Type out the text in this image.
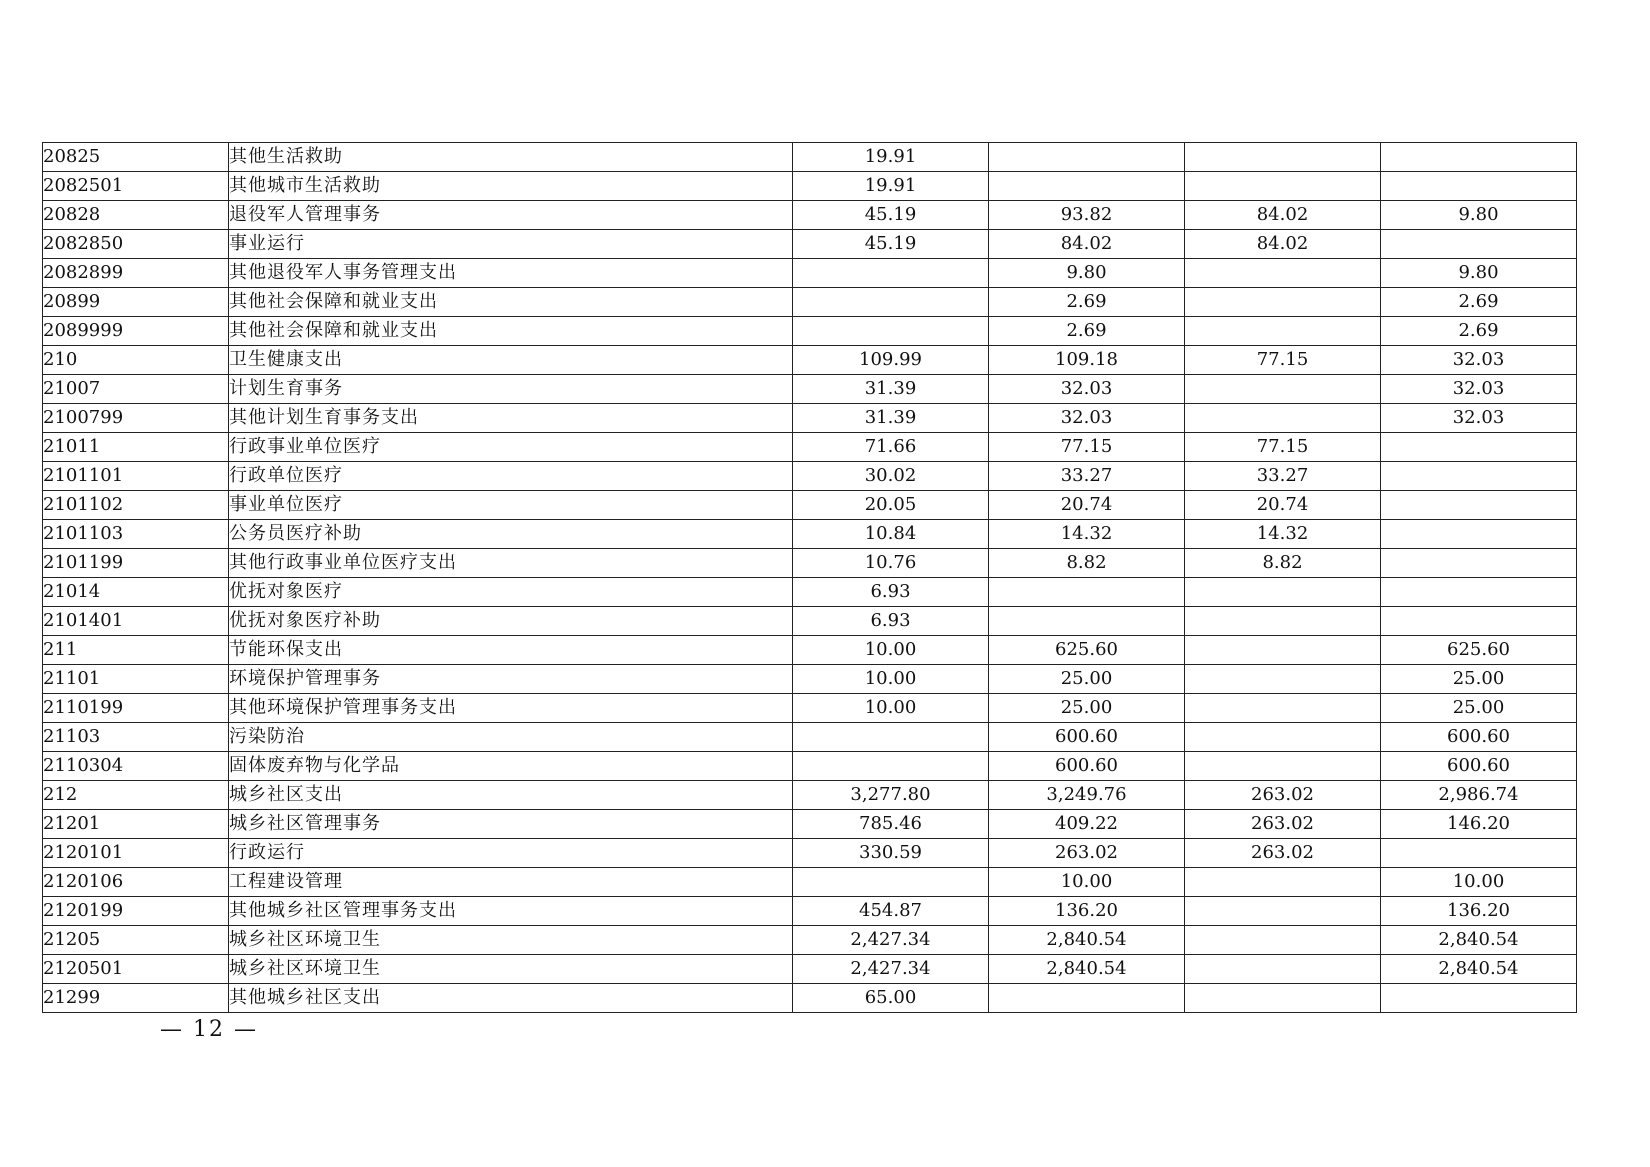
20825	其他生活救助	19.91			
2082501	其他城市生活救助	19.91			
20828	退役军人管理事务	45.19	93.82	84.02	9.80
2082850	事业运行	45.19	84.02	84.02	
2082899	其他退役军人事务管理支出		9.80		9.80
20899	其他社会保障和就业支出		2.69		2.69
2089999	其他社会保障和就业支出		2.69		2.69
210	卫生健康支出	109.99	109.18	77.15	32.03
21007	计划生育事务	31.39	32.03		32.03
2100799	其他计划生育事务支出	31.39	32.03		32.03
21011	行政事业单位医疗	71.66	77.15	77.15	
2101101	行政单位医疗	30.02	33.27	33.27	
2101102	事业单位医疗	20.05	20.74	20.74	
2101103	公务员医疗补助	10.84	14.32	14.32	
2101199	其他行政事业单位医疗支出	10.76	8.82	8.82	
21014	优抚对象医疗	6.93			
2101401	优抚对象医疗补助	6.93			
211	节能环保支出	10.00	625.60		625.60
21101	环境保护管理事务	10.00	25.00		25.00
2110199	其他环境保护管理事务支出	10.00	25.00		25.00
21103	污染防治		600.60		600.60
2110304	固体废弃物与化学品		600.60		600.60
212	城乡社区支出	3,277.80	3,249.76	263.02	2,986.74
21201	城乡社区管理事务	785.46	409.22	263.02	146.20
2120101	行政运行	330.59	263.02	263.02	
2120106	工程建设管理		10.00		10.00
2120199	其他城乡社区管理事务支出	454.87	136.20		136.20
21205	城乡社区环境卫生	2,427.34	2,840.54		2,840.54
2120501	城乡社区环境卫生	2,427.34	2,840.54		2,840.54
21299	其他城乡社区支出	65.00			
— 12 —
